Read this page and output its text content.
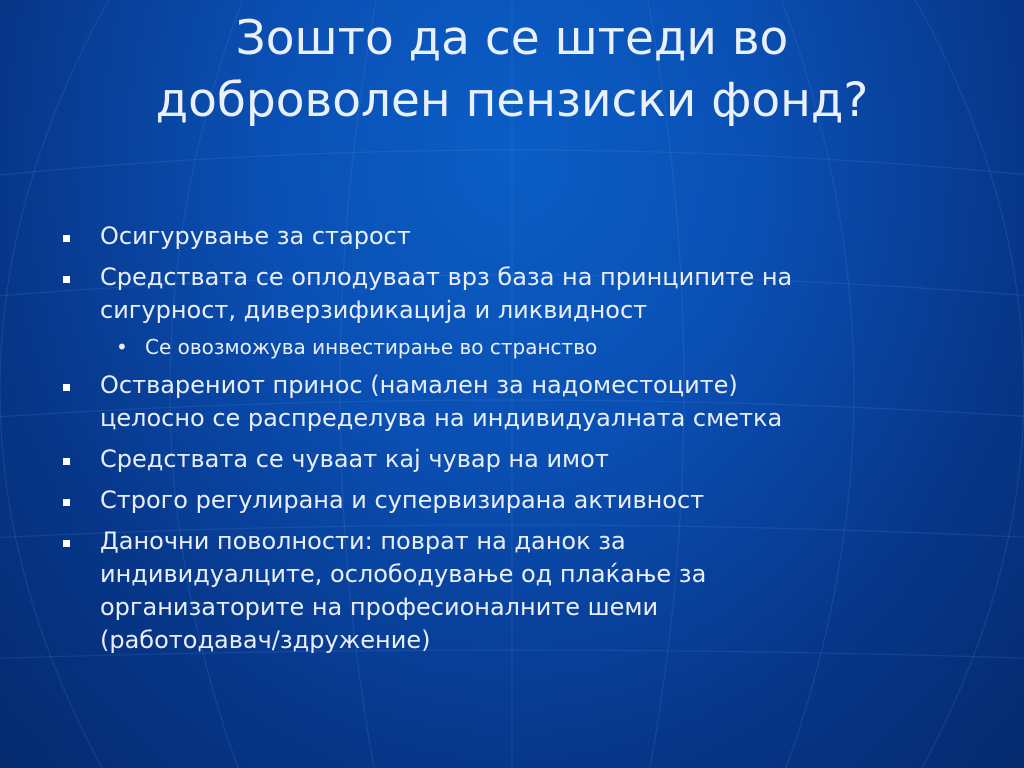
Зошто да се штеди во
доброволен пензиски фонд?
Осигурување за старост
Средствата се оплодуваат врз база на принципите на
сигурност, диверзификација и ликвидност
• Се овозможува инвестирање во странство
Остварениот принос (намален за надоместоците)
целосно се распределува на индивидуалната сметка
Средствата се чуваат кај чувар на имот
Строго регулирана и супервизирана активност
Даночни поволности: поврат на данок за
индивидуалците, ослободување од плаќање за
организаторите на професионалните шеми
(работодавач/здружение)
